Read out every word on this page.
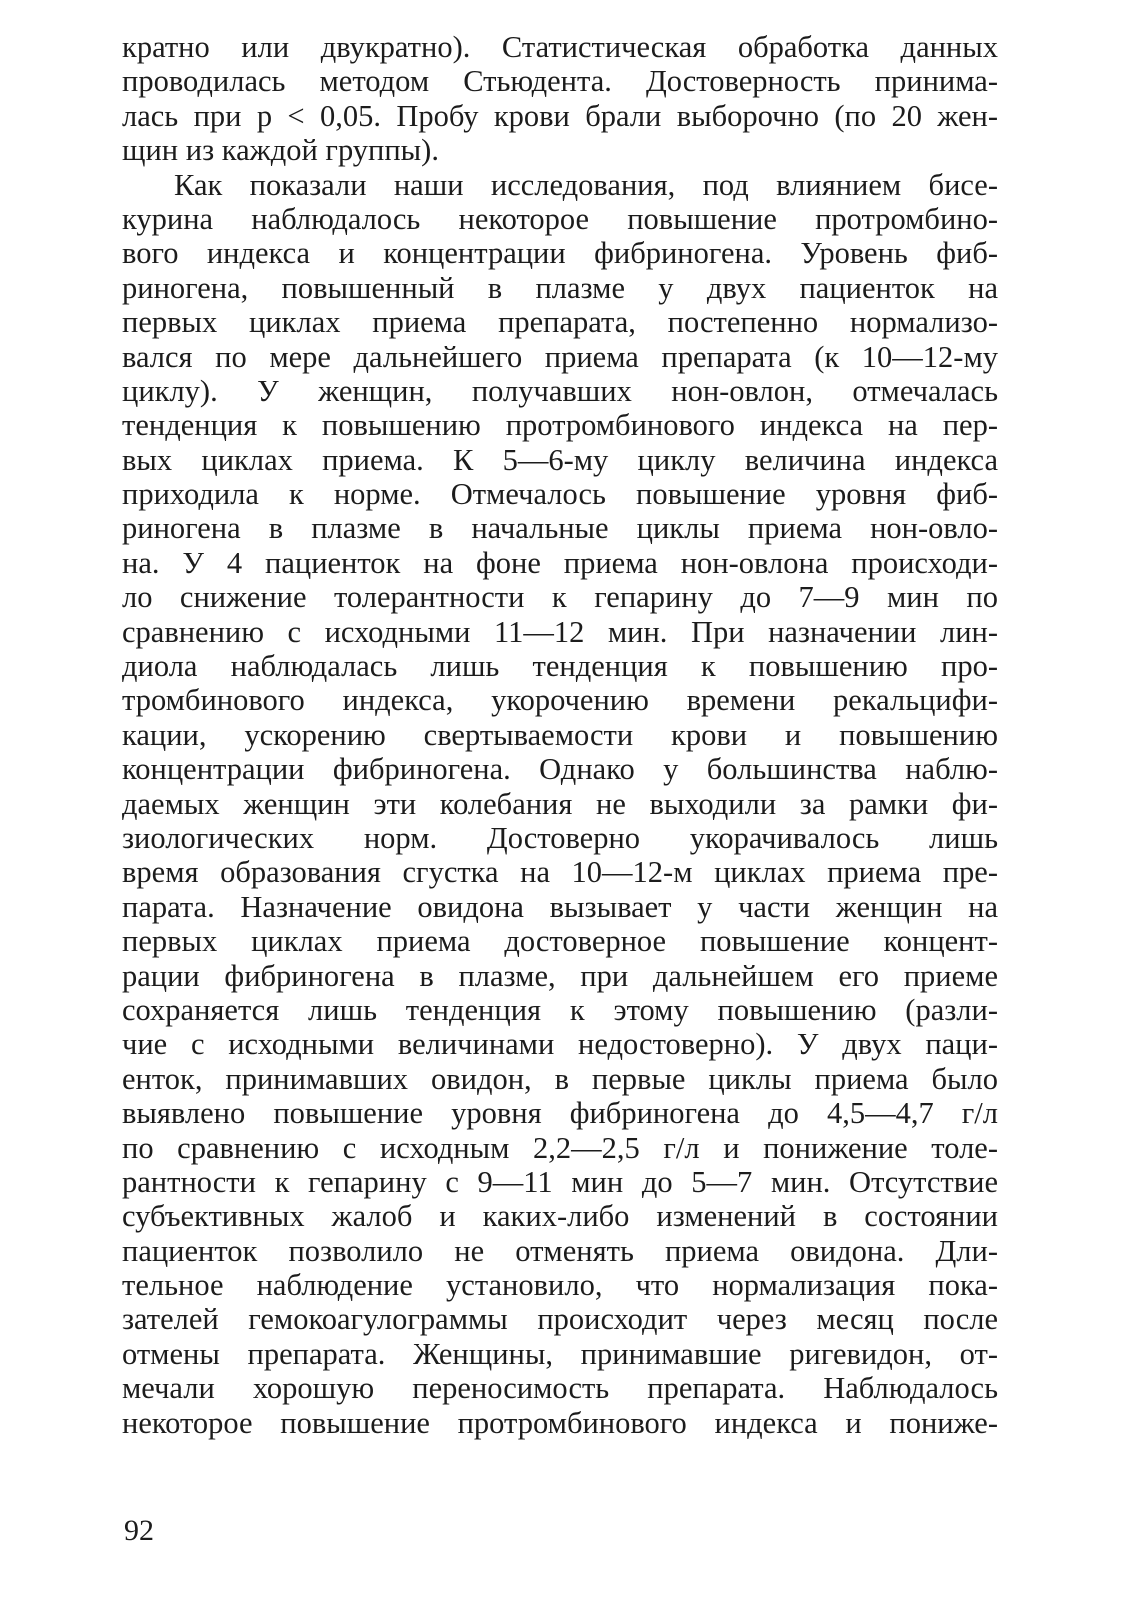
кратно или двукратно). Статистическая обработка данных
проводилась методом Стьюдента. Достоверность принима-
лась при р < 0,05. Пробу крови брали выборочно (по 20 жен-
щин из каждой группы).
Как показали наши исследования, под влиянием бисе-
курина наблюдалось некоторое повышение протромбино-
вого индекса и концентрации фибриногена. Уровень фиб-
риногена, повышенный в плазме у двух пациенток на
первых циклах приема препарата, постепенно нормализо-
вался по мере дальнейшего приема препарата (к 10—12-му
циклу). У женщин, получавших нон-овлон, отмечалась
тенденция к повышению протромбинового индекса на пер-
вых циклах приема. К 5—6-му циклу величина индекса
приходила к норме. Отмечалось повышение уровня фиб-
риногена в плазме в начальные циклы приема нон-овло-
на. У 4 пациенток на фоне приема нон-овлона происходи-
ло снижение толерантности к гепарину до 7—9 мин по
сравнению с исходными 11—12 мин. При назначении лин-
диола наблюдалась лишь тенденция к повышению про-
тромбинового индекса, укорочению времени рекальцифи-
кации, ускорению свертываемости крови и повышению
концентрации фибриногена. Однако у большинства наблю-
даемых женщин эти колебания не выходили за рамки фи-
зиологических норм. Достоверно укорачивалось лишь
время образования сгустка на 10—12-м циклах приема пре-
парата. Назначение овидона вызывает у части женщин на
первых циклах приема достоверное повышение концент-
рации фибриногена в плазме, при дальнейшем его приеме
сохраняется лишь тенденция к этому повышению (разли-
чие с исходными величинами недостоверно). У двух паци-
енток, принимавших овидон, в первые циклы приема было
выявлено повышение уровня фибриногена до 4,5—4,7 г/л
по сравнению с исходным 2,2—2,5 г/л и понижение толе-
рантности к гепарину с 9—11 мин до 5—7 мин. Отсутствие
субъективных жалоб и каких-либо изменений в состоянии
пациенток позволило не отменять приема овидона. Дли-
тельное наблюдение установило, что нормализация пока-
зателей гемокоагулограммы происходит через месяц после
отмены препарата. Женщины, принимавшие ригевидон, от-
мечали хорошую переносимость препарата. Наблюдалось
некоторое повышение протромбинового индекса и пониже-
92
